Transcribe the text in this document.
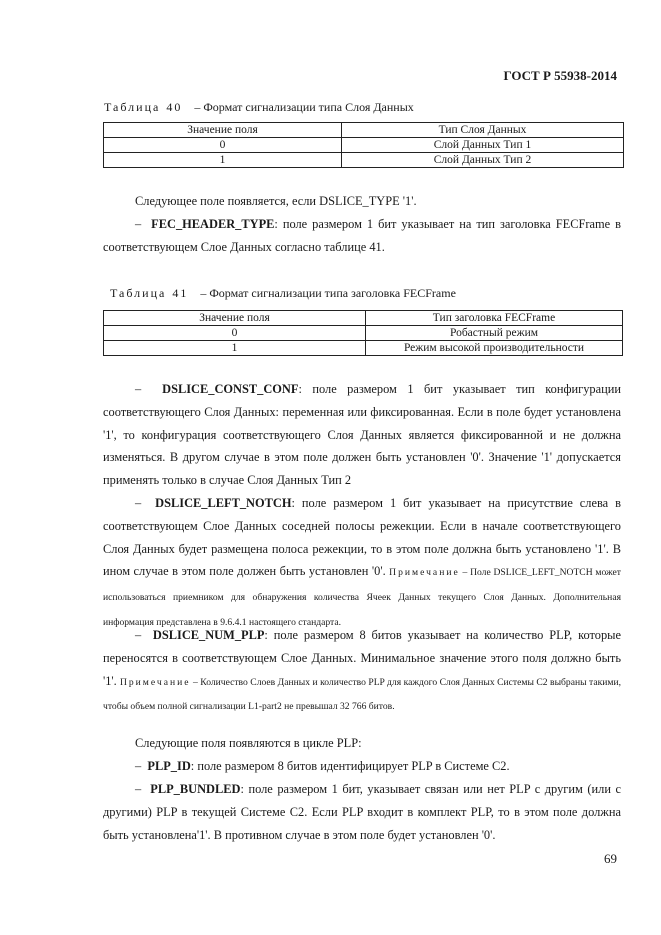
ГОСТ Р 55938-2014
Таблица 40 – Формат сигнализации типа Слоя Данных
Значение поля	Тип Слоя Данных
0	Слой Данных Тип 1
1	Слой Данных Тип 2

Следующее поле появляется, если DSLICE_TYPE '1'.

– FEC_HEADER_TYPE: поле размером 1 бит указывает на тип заголовка FECFrame в соответствующем Слое Данных согласно таблице 41.

Таблица 41 – Формат сигнализации типа заголовка FECFrame
Значение поля	Тип заголовка FECFrame
0	Робастный режим
1	Режим высокой производительности

– DSLICE_CONST_CONF: поле размером 1 бит указывает тип конфигурации соответствующего Слоя Данных: переменная или фиксированная. Если в поле будет установлена '1', то конфигурация соответствующего Слоя Данных является фиксированной и не должна изменяться. В другом случае в этом поле должен быть установлен '0'. Значение '1' допускается применять только в случае Слоя Данных Тип 2

– DSLICE_LEFT_NOTCH: поле размером 1 бит указывает на присутствие слева в соответствующем Слое Данных соседней полосы режекции. Если в начале соответствующего Слоя Данных будет размещена полоса режекции, то в этом поле должна быть установлено '1'. В ином случае в этом поле должен быть установлен '0'. Примечание – Поле DSLICE_LEFT_NOTCH может использоваться приемником для обнаружения количества Ячеек Данных текущего Слоя Данных. Дополнительная информация представлена в 9.6.4.1 настоящего стандарта.

– DSLICE_NUM_PLP: поле размером 8 битов указывает на количество PLP, которые переносятся в соответствующем Слое Данных. Минимальное значение этого поля должно быть '1'. Примечание – Количество Слоев Данных и количество PLP для каждого Слоя Данных Системы С2 выбраны такими, чтобы объем полной сигнализации L1-part2 не превышал 32 766 битов.

Следующие поля появляются в цикле PLP:

– PLP_ID: поле размером 8 битов идентифицирует PLP в Системе С2.

– PLP_BUNDLED: поле размером 1 бит, указывает связан или нет PLP с другим (или с другими) PLP в текущей Системе С2. Если PLP входит в комплект PLP, то в этом поле должна быть установлена'1'. В противном случае в этом поле будет установлен '0'.

69
